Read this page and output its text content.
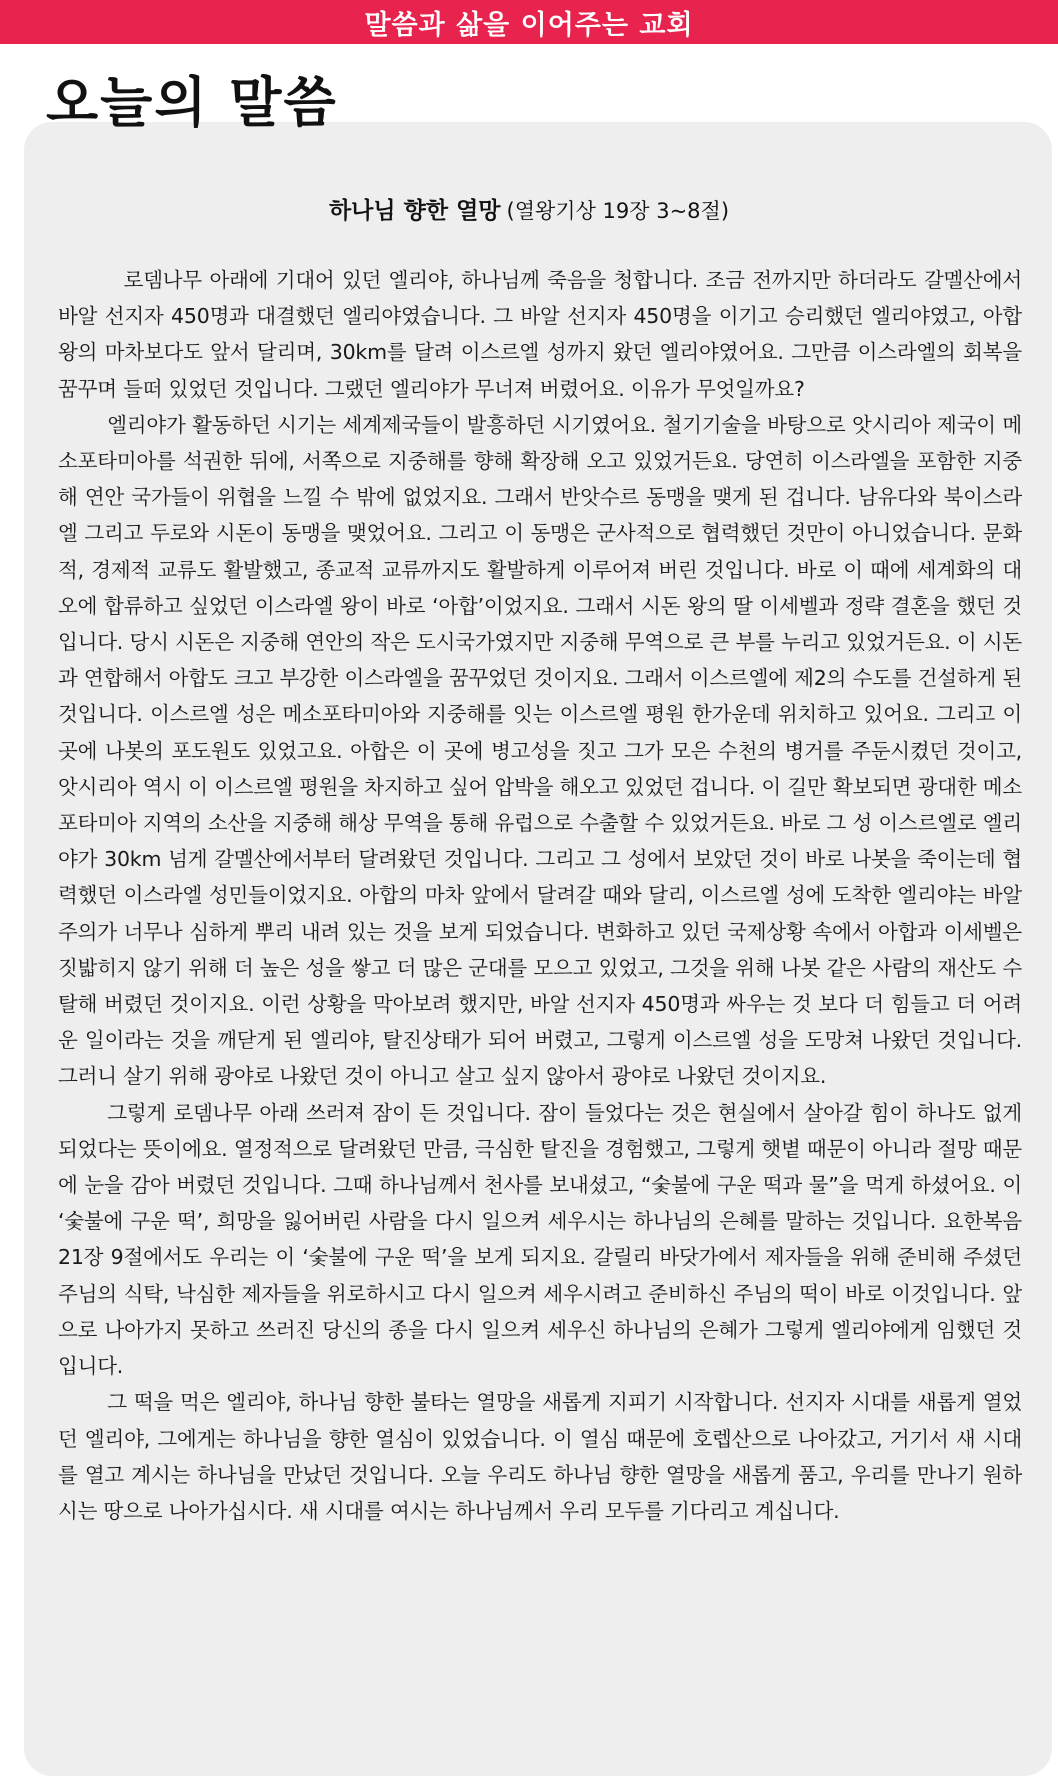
말씀과 삶을 이어주는 교회
오늘의 말씀
하나님 향한 열망 (열왕기상 19장 3~8절)

로뎀나무 아래에 기대어 있던 엘리야, 하나님께 죽음을 청합니다. 조금 전까지만 하더라도 갈멜산에서 바알 선지자 450명과 대결했던 엘리야였습니다. 그 바알 선지자 450명을 이기고 승리했던 엘리야였고, 아합 왕의 마차보다도 앞서 달리며, 30km를 달려 이스르엘 성까지 왔던 엘리야였어요. 그만큼 이스라엘의 회복을 꿈꾸며 들떠 있었던 것입니다. 그랬던 엘리야가 무너져 버렸어요. 이유가 무엇일까요?

엘리야가 활동하던 시기는 세계제국들이 발흥하던 시기였어요. 철기기술을 바탕으로 앗시리아 제국이 메소포타미아를 석권한 뒤에, 서쪽으로 지중해를 향해 확장해 오고 있었거든요. 당연히 이스라엘을 포함한 지중해 연안 국가들이 위협을 느낄 수 밖에 없었지요. 그래서 반앗수르 동맹을 맺게 된 겁니다. 남유다와 북이스라엘 그리고 두로와 시돈이 동맹을 맺었어요. 그리고 이 동맹은 군사적으로 협력했던 것만이 아니었습니다. 문화적, 경제적 교류도 활발했고, 종교적 교류까지도 활발하게 이루어져 버린 것입니다. 바로 이 때에 세계화의 대오에 합류하고 싶었던 이스라엘 왕이 바로 ‘아합’이었지요. 그래서 시돈 왕의 딸 이세벨과 정략 결혼을 했던 것입니다. 당시 시돈은 지중해 연안의 작은 도시국가였지만 지중해 무역으로 큰 부를 누리고 있었거든요. 이 시돈과 연합해서 아합도 크고 부강한 이스라엘을 꿈꾸었던 것이지요. 그래서 이스르엘에 제2의 수도를 건설하게 된 것입니다. 이스르엘 성은 메소포타미아와 지중해를 잇는 이스르엘 평원 한가운데 위치하고 있어요. 그리고 이 곳에 나봇의 포도원도 있었고요. 아합은 이 곳에 병고성을 짓고 그가 모은 수천의 병거를 주둔시켰던 것이고, 앗시리아 역시 이 이스르엘 평원을 차지하고 싶어 압박을 해오고 있었던 겁니다. 이 길만 확보되면 광대한 메소포타미아 지역의 소산을 지중해 해상 무역을 통해 유럽으로 수출할 수 있었거든요. 바로 그 성 이스르엘로 엘리야가 30km 넘게 갈멜산에서부터 달려왔던 것입니다. 그리고 그 성에서 보았던 것이 바로 나봇을 죽이는데 협력했던 이스라엘 성민들이었지요. 아합의 마차 앞에서 달려갈 때와 달리, 이스르엘 성에 도착한 엘리야는 바알주의가 너무나 심하게 뿌리 내려 있는 것을 보게 되었습니다. 변화하고 있던 국제상황 속에서 아합과 이세벨은 짓밟히지 않기 위해 더 높은 성을 쌓고 더 많은 군대를 모으고 있었고, 그것을 위해 나봇 같은 사람의 재산도 수탈해 버렸던 것이지요. 이런 상황을 막아보려 했지만, 바알 선지자 450명과 싸우는 것 보다 더 힘들고 더 어려운 일이라는 것을 깨닫게 된 엘리야, 탈진상태가 되어 버렸고, 그렇게 이스르엘 성을 도망쳐 나왔던 것입니다. 그러니 살기 위해 광야로 나왔던 것이 아니고 살고 싶지 않아서 광야로 나왔던 것이지요.

그렇게 로뎀나무 아래 쓰러져 잠이 든 것입니다. 잠이 들었다는 것은 현실에서 살아갈 힘이 하나도 없게 되었다는 뜻이에요. 열정적으로 달려왔던 만큼, 극심한 탈진을 경험했고, 그렇게 햇볕 때문이 아니라 절망 때문에 눈을 감아 버렸던 것입니다. 그때 하나님께서 천사를 보내셨고, “숯불에 구운 떡과 물”을 먹게 하셨어요. 이 ‘숯불에 구운 떡’, 희망을 잃어버린 사람을 다시 일으켜 세우시는 하나님의 은혜를 말하는 것입니다. 요한복음 21장 9절에서도 우리는 이 ‘숯불에 구운 떡’을 보게 되지요. 갈릴리 바닷가에서 제자들을 위해 준비해 주셨던 주님의 식탁, 낙심한 제자들을 위로하시고 다시 일으켜 세우시려고 준비하신 주님의 떡이 바로 이것입니다. 앞으로 나아가지 못하고 쓰러진 당신의 종을 다시 일으켜 세우신 하나님의 은혜가 그렇게 엘리야에게 임했던 것입니다.

그 떡을 먹은 엘리야, 하나님 향한 불타는 열망을 새롭게 지피기 시작합니다. 선지자 시대를 새롭게 열었던 엘리야, 그에게는 하나님을 향한 열심이 있었습니다. 이 열심 때문에 호렙산으로 나아갔고, 거기서 새 시대를 열고 계시는 하나님을 만났던 것입니다. 오늘 우리도 하나님 향한 열망을 새롭게 품고, 우리를 만나기 원하시는 땅으로 나아가십시다. 새 시대를 여시는 하나님께서 우리 모두를 기다리고 계십니다.
